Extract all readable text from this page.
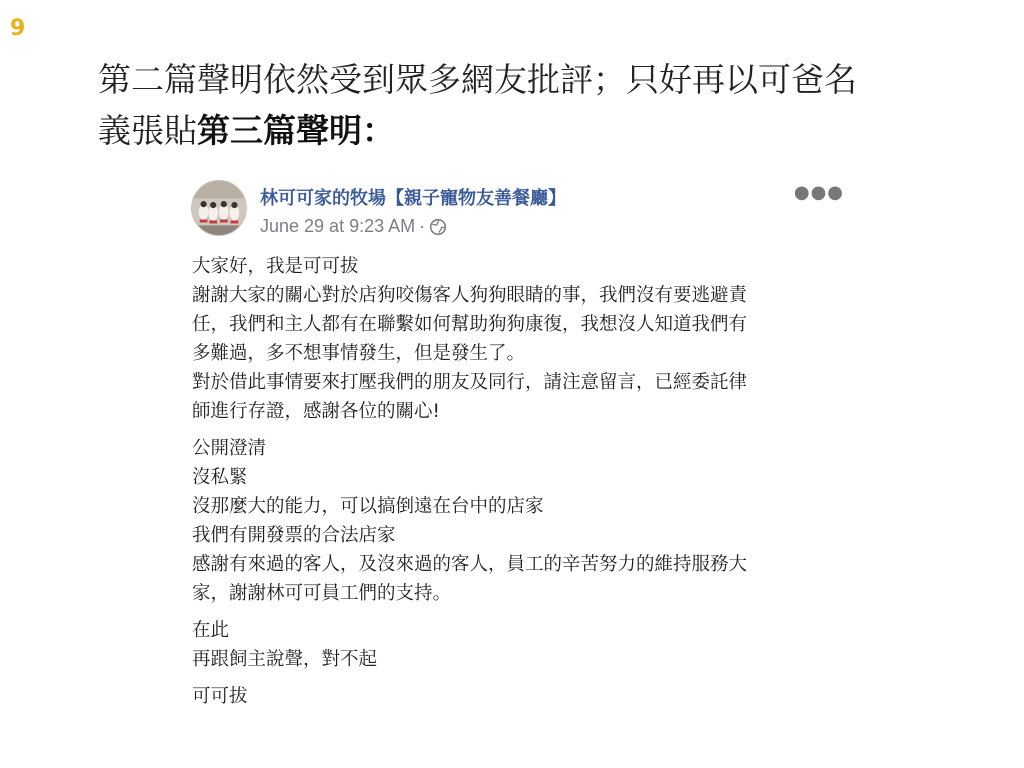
9
第二篇聲明依然受到眾多網友批評；只好再以可爸名
義張貼第三篇聲明：
林可可家的牧場【親子寵物友善餐廳】
June 29 at 9:23 AM ·
●●●
大家好，我是可可拔
謝謝大家的關心對於店狗咬傷客人狗狗眼睛的事，我們沒有要逃避責
任，我們和主人都有在聯繫如何幫助狗狗康復，我想沒人知道我們有
多難過，多不想事情發生，但是發生了。
對於借此事情要來打壓我們的朋友及同行，請注意留言，已經委託律
師進行存證，感謝各位的關心!
公開澄清
沒私緊
沒那麼大的能力，可以搞倒遠在台中的店家
我們有開發票的合法店家
感謝有來過的客人，及沒來過的客人，員工的辛苦努力的維持服務大
家，謝謝林可可員工們的支持。
在此
再跟飼主說聲，對不起
可可拔
